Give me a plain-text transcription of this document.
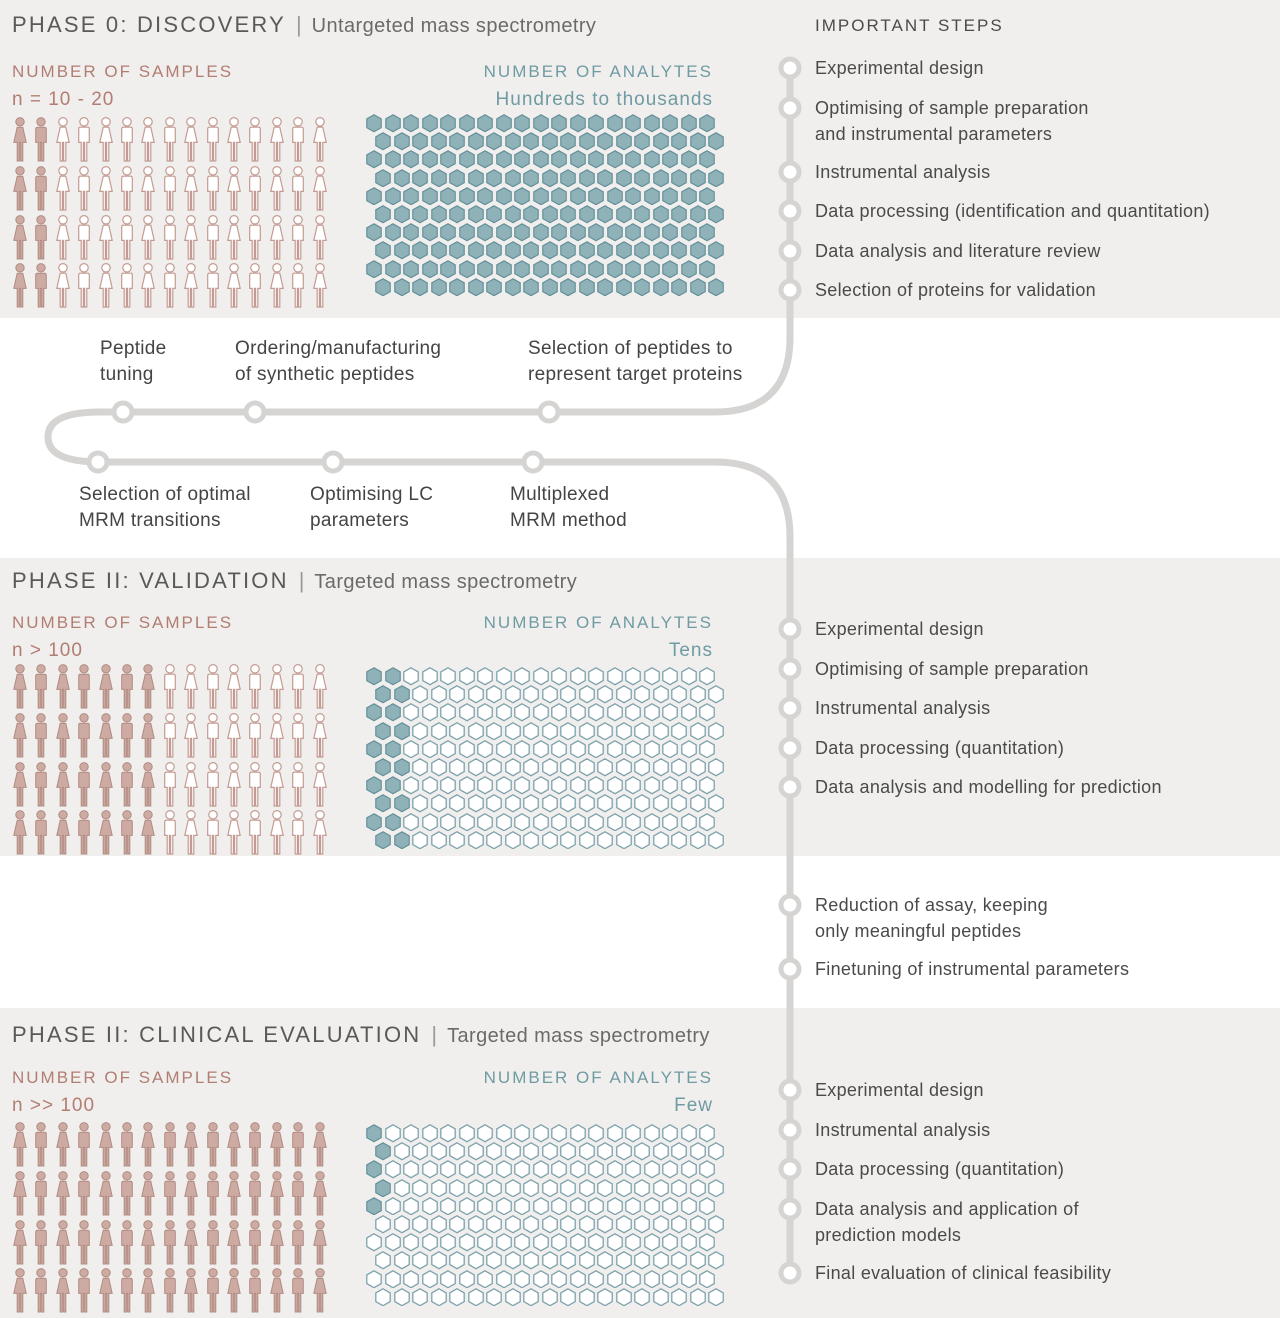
PHASE 0: DISCOVERY | Untargeted mass spectrometry
PHASE II: VALIDATION | Targeted mass spectrometry
PHASE II: CLINICAL EVALUATION | Targeted mass spectrometry
NUMBER OF SAMPLES
n = 10 - 20
NUMBER OF ANALYTES
Hundreds to thousands
NUMBER OF SAMPLES
n > 100
NUMBER OF ANALYTES
Tens
NUMBER OF SAMPLES
n >> 100
NUMBER OF ANALYTES
Few
IMPORTANT STEPS
Experimental design
Optimising of sample preparation
and instrumental parameters
Instrumental analysis
Data processing (identification and quantitation)
Data analysis and literature review
Selection of proteins for validation
Experimental design
Optimising of sample preparation
Instrumental analysis
Data processing (quantitation)
Data analysis and modelling for prediction
Reduction of assay, keeping
only meaningful peptides
Finetuning of instrumental parameters
Experimental design
Instrumental analysis
Data processing (quantitation)
Data analysis and application of
prediction models
Final evaluation of clinical feasibility
Peptide
tuning
Ordering/manufacturing
of synthetic peptides
Selection of peptides to
represent target proteins
Selection of optimal
MRM transitions
Optimising LC
parameters
Multiplexed
MRM method
